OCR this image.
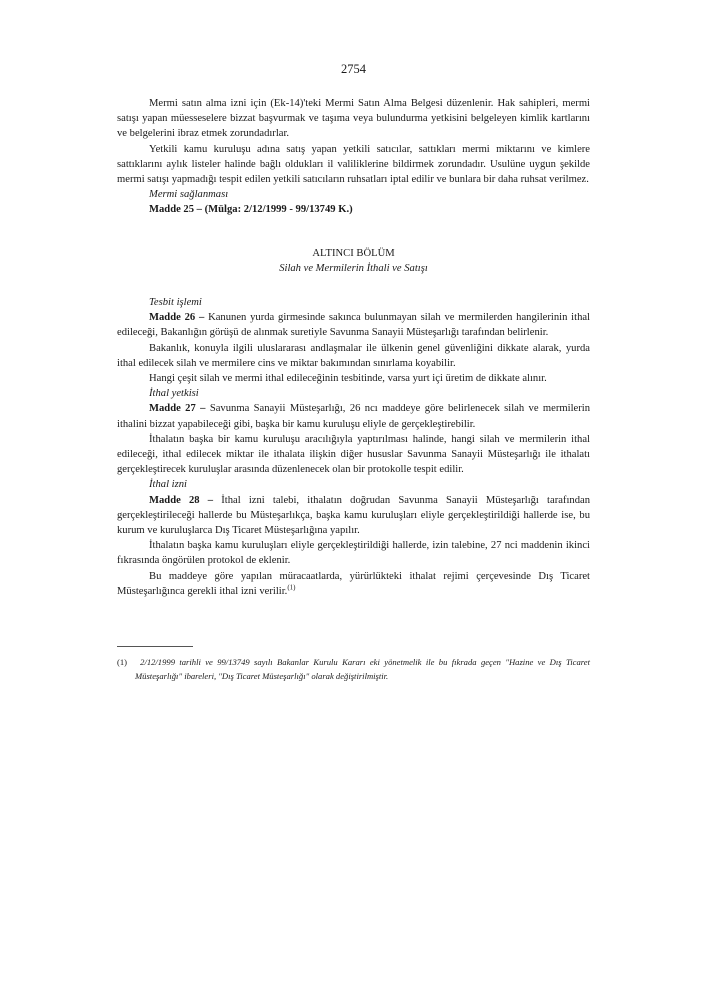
2754

Mermi satın alma izni için (Ek-14)'teki Mermi Satın Alma Belgesi düzenlenir. Hak sahipleri, mermi satışı yapan müesseselere bizzat başvurmak ve taşıma veya bulundurma yetkisini belgeleyen kimlik kartlarını ve belgelerini ibraz etmek zorundadırlar.

Yetkili kamu kuruluşu adına satış yapan yetkili satıcılar, sattıkları mermi miktarını ve kimlere sattıklarını aylık listeler halinde bağlı oldukları il valiliklerine bildirmek zorundadır. Usulüne uygun şekilde mermi satışı yapmadığı tespit edilen yetkili satıcıların ruhsatları iptal edilir ve bunlara bir daha ruhsat verilmez.

Mermi sağlanması

Madde 25 – (Mülga: 2/12/1999 - 99/13749 K.)

ALTINCI BÖLÜM
Silah ve Mermilerin İthali ve Satışı
Tesbit işlemi

Madde 26 – Kanunen yurda girmesinde sakınca bulunmayan silah ve mermilerden hangilerinin ithal edileceği, Bakanlığın görüşü de alınmak suretiyle Savunma Sanayii Müsteşarlığı tarafından belirlenir.

Bakanlık, konuyla ilgili uluslararası andlaşmalar ile ülkenin genel güvenliğini dikkate alarak, yurda ithal edilecek silah ve mermilere cins ve miktar bakımından sınırlama koyabilir.

Hangi çeşit silah ve mermi ithal edileceğinin tesbitinde, varsa yurt içi üretim de dikkate alınır.

İthal yetkisi

Madde 27 – Savunma Sanayii Müsteşarlığı, 26 ncı maddeye göre belirlenecek silah ve mermilerin ithalini bizzat yapabileceği gibi, başka bir kamu kuruluşu eliyle de gerçekleştirebilir.

İthalatın başka bir kamu kuruluşu aracılığıyla yaptırılması halinde, hangi silah ve mermilerin ithal edileceği, ithal edilecek miktar ile ithalata ilişkin diğer hususlar Savunma Sanayii Müsteşarlığı ile ithalatı gerçekleştirecek kuruluşlar arasında düzenlenecek olan bir protokolle tespit edilir.

İthal izni

Madde 28 – İthal izni talebi, ithalatın doğrudan Savunma Sanayii Müsteşarlığı tarafından gerçekleştirileceği hallerde bu Müsteşarlıkça, başka kamu kuruluşları eliyle gerçekleştirildiği hallerde ise, bu kurum ve kuruluşlarca Dış Ticaret Müsteşarlığına yapılır.

İthalatın başka kamu kuruluşları eliyle gerçekleştirildiği hallerde, izin talebine, 27 nci maddenin ikinci fıkrasında öngörülen protokol de eklenir.

Bu maddeye göre yapılan müracaatlarda, yürürlükteki ithalat rejimi çerçevesinde Dış Ticaret Müsteşarlığınca gerekli ithal izni verilir.$^{(1)}$

(1) 2/12/1999 tarihli ve 99/13749 sayılı Bakanlar Kurulu Kararı eki yönetmelik ile bu fıkrada geçen "Hazine ve Dış Ticaret Müsteşarlığı" ibareleri, "Dış Ticaret Müsteşarlığı" olarak değiştirilmiştir.
